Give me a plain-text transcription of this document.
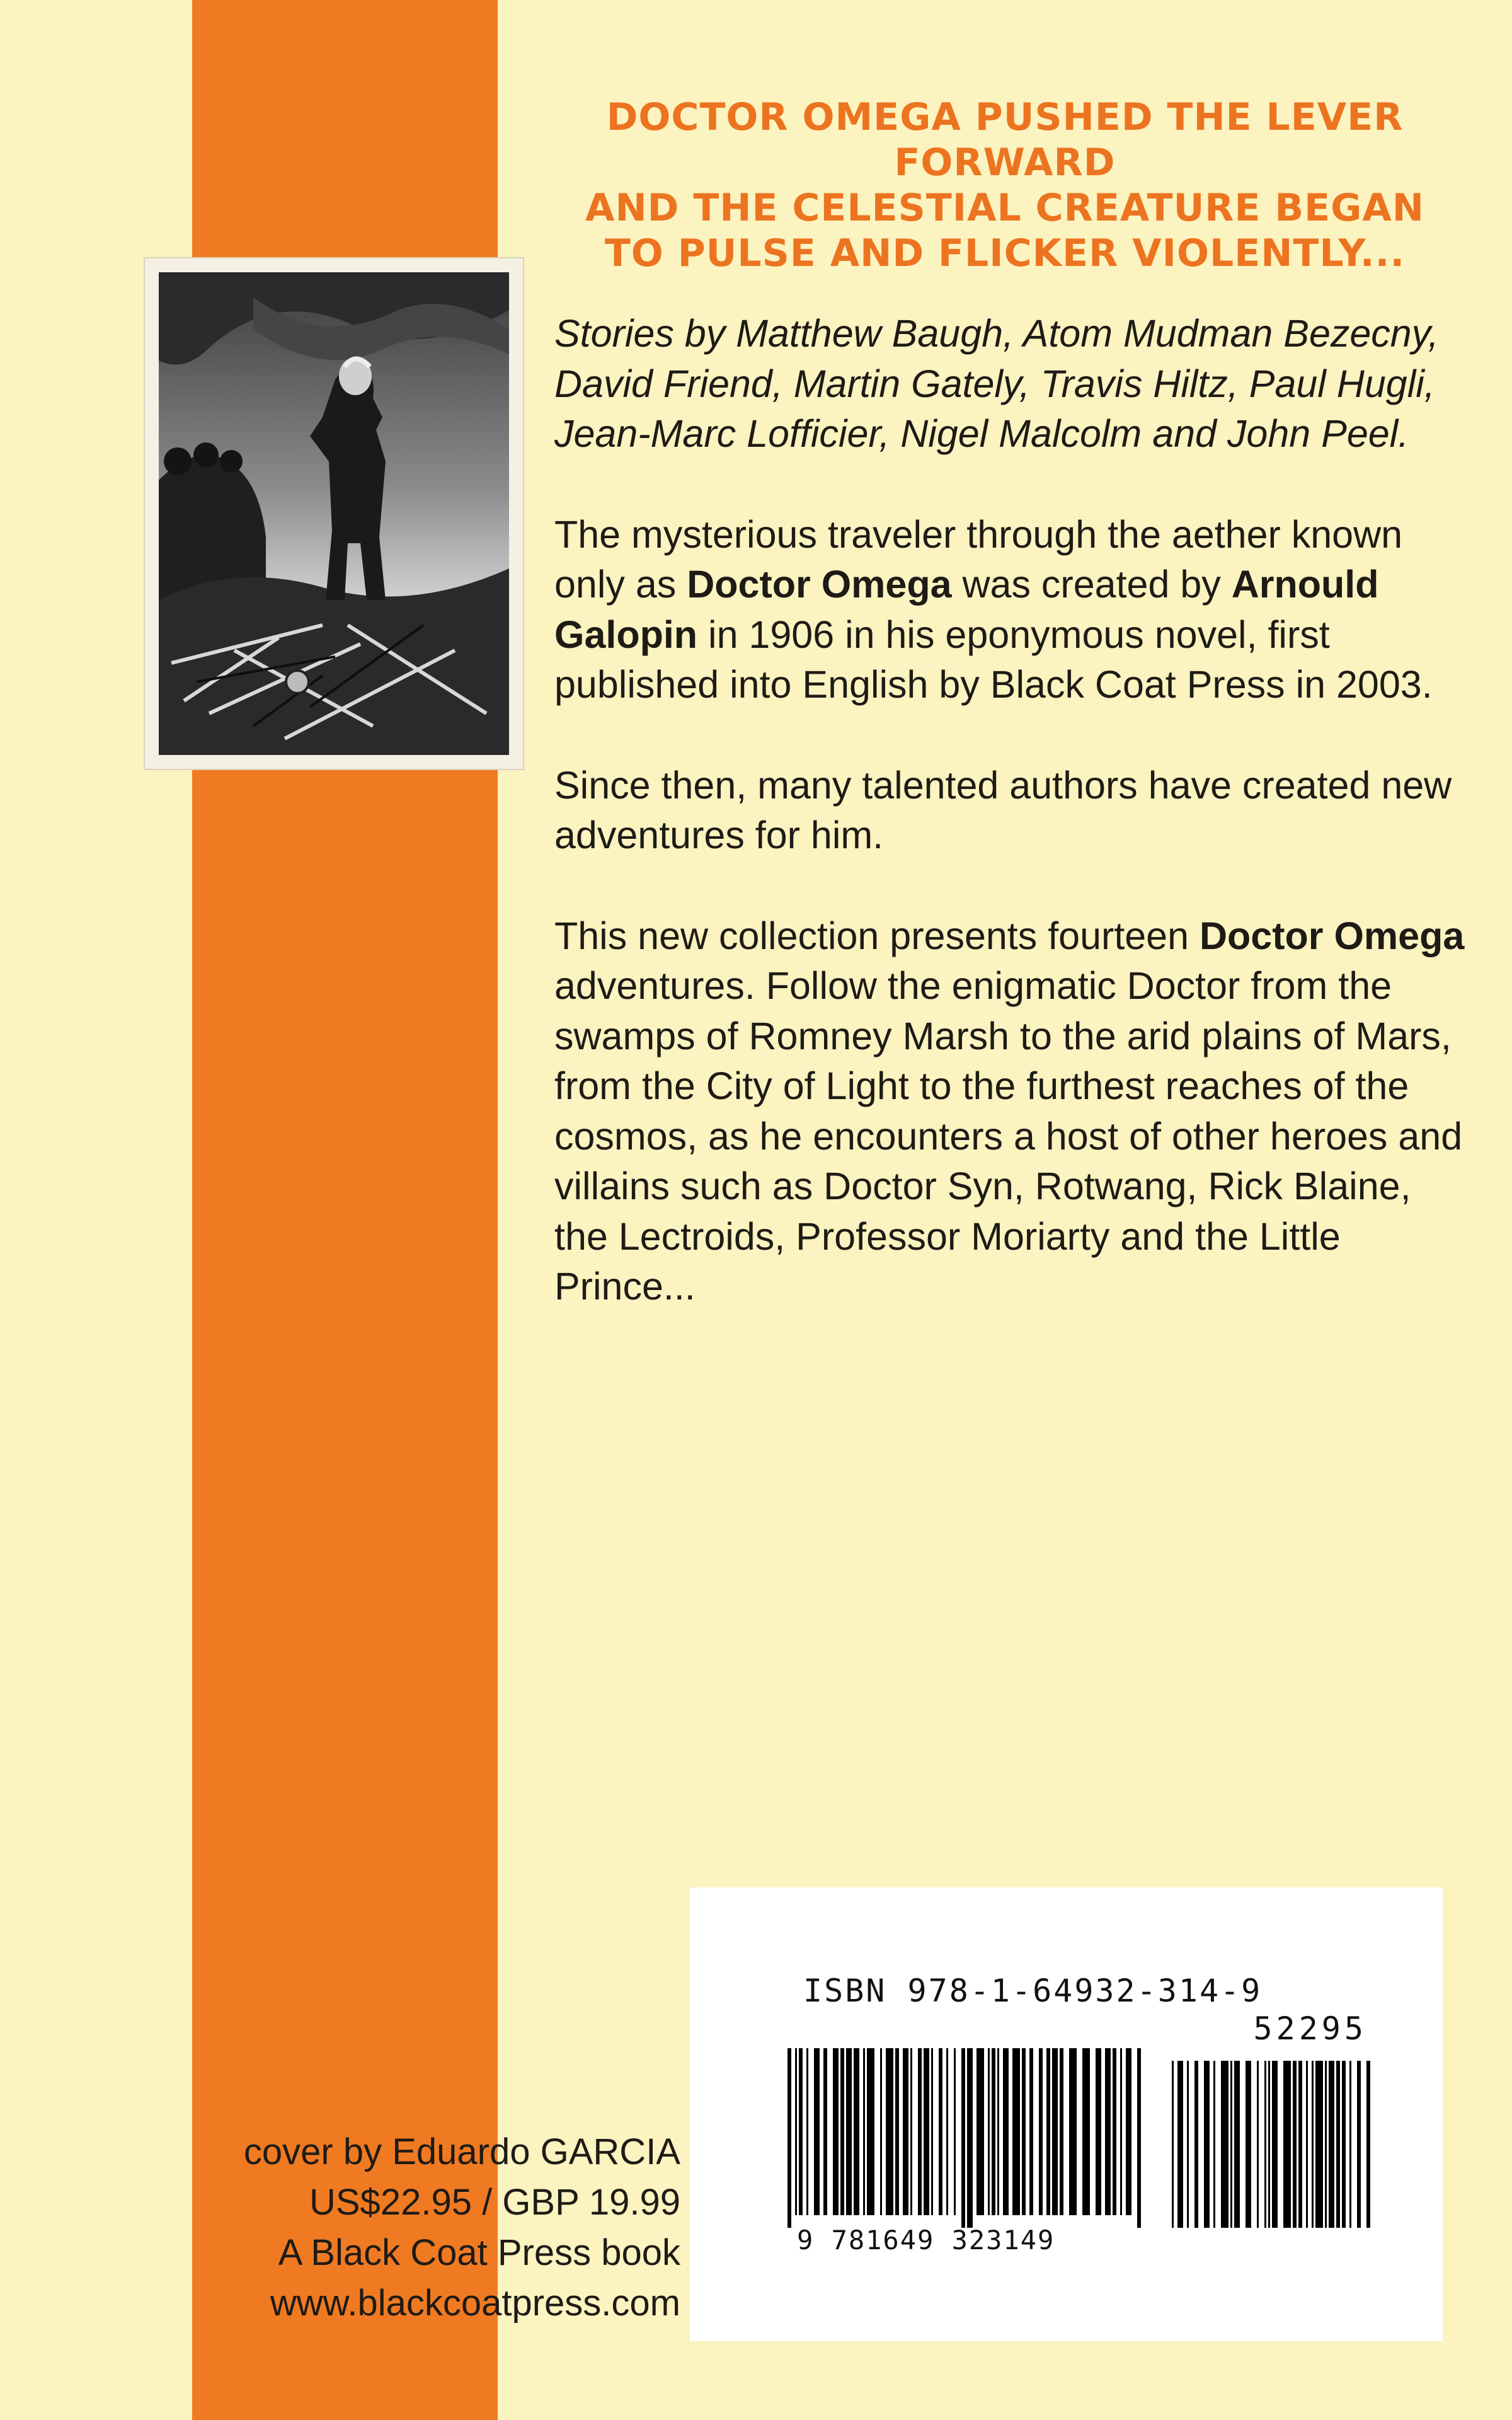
DOCTOR OMEGA PUSHED THE LEVER FORWARD
AND THE CELESTIAL CREATURE BEGAN
TO PULSE AND FLICKER VIOLENTLY...

Stories by Matthew Baugh, Atom Mudman Bezecny, David Friend, Martin Gately, Travis Hiltz, Paul Hugli, Jean-Marc Lofficier, Nigel Malcolm and John Peel.

The mysterious traveler through the aether known only as Doctor Omega was created by Arnould Galopin in 1906 in his eponymous novel, first published into English by Black Coat Press in 2003.

Since then, many talented authors have created new adventures for him.

This new collection presents fourteen Doctor Omega adventures. Follow the enigmatic Doctor from the swamps of Romney Marsh to the arid plains of Mars, from the City of Light to the furthest reaches of the cosmos, as he encounters a host of other heroes and villains such as Doctor Syn, Rotwang, Rick Blaine, the Lectroids, Professor Moriarty and the Little Prince...

ISBN 978-1-64932-314-9
52295
9 781649 323149
cover by Eduardo GARCIA
US$22.95 / GBP 19.99
A Black Coat Press book
www.blackcoatpress.com
